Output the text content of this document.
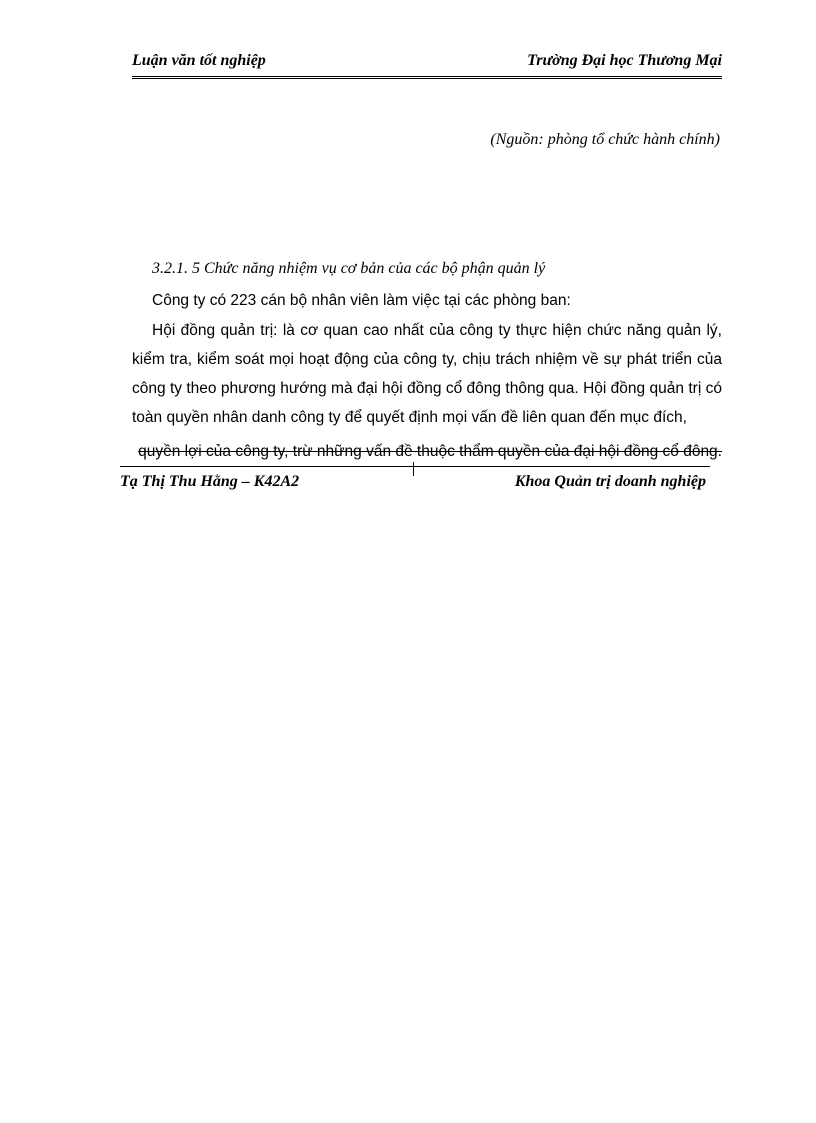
Luận văn tốt nghiệp	Trường Đại học Thương Mại
(Nguồn: phòng tổ chức hành chính)
3.2.1. 5 Chức năng nhiệm vụ cơ bản của các bộ phận quản lý
Công ty có 223 cán bộ nhân viên làm việc tại các phòng ban:
Hội đồng quản trị: là cơ quan cao nhất của công ty thực hiện chức năng quản lý, kiểm tra, kiểm soát mọi hoạt động của công ty, chịu trách nhiệm về sự phát triển của công ty theo phương hướng mà đại hội đồng cổ đông thông qua. Hội đồng quản trị có toàn quyền nhân danh công ty để quyết định mọi vấn đề liên quan đến mục đích,
quyền lợi của công ty, trừ những vấn đề thuộc thẩm quyền của đại hội đồng cổ đông.
Tạ Thị Thu Hằng – K42A2	Khoa Quản trị doanh nghiệp
